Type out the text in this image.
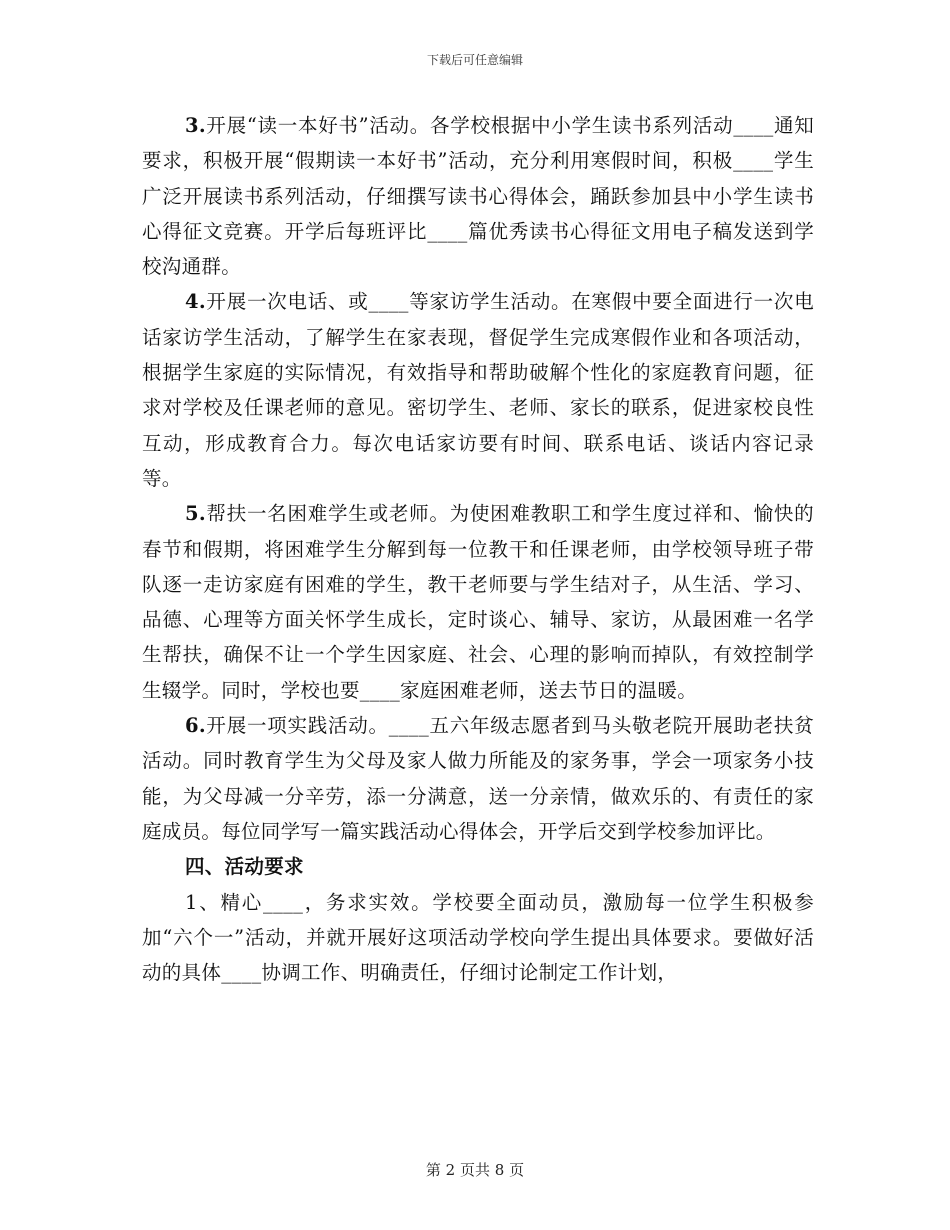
下载后可任意编辑

3.开展“读一本好书”活动。各学校根据中小学生读书系列活动____通知要求，积极开展“假期读一本好书”活动，充分利用寒假时间，积极____学生广泛开展读书系列活动，仔细撰写读书心得体会，踊跃参加县中小学生读书心得征文竞赛。开学后每班评比____篇优秀读书心得征文用电子稿发送到学校沟通群。

4.开展一次电话、或____等家访学生活动。在寒假中要全面进行一次电话家访学生活动，了解学生在家表现，督促学生完成寒假作业和各项活动，根据学生家庭的实际情况，有效指导和帮助破解个性化的家庭教育问题，征求对学校及任课老师的意见。密切学生、老师、家长的联系，促进家校良性互动，形成教育合力。每次电话家访要有时间、联系电话、谈话内容记录等。

5.帮扶一名困难学生或老师。为使困难教职工和学生度过祥和、愉快的春节和假期，将困难学生分解到每一位教干和任课老师，由学校领导班子带队逐一走访家庭有困难的学生，教干老师要与学生结对子，从生活、学习、品德、心理等方面关怀学生成长，定时谈心、辅导、家访，从最困难一名学生帮扶，确保不让一个学生因家庭、社会、心理的影响而掉队，有效控制学生辍学。同时，学校也要____家庭困难老师，送去节日的温暖。

6.开展一项实践活动。____五六年级志愿者到马头敬老院开展助老扶贫活动。同时教育学生为父母及家人做力所能及的家务事，学会一项家务小技能，为父母减一分辛劳，添一分满意，送一分亲情，做欢乐的、有责任的家庭成员。每位同学写一篇实践活动心得体会，开学后交到学校参加评比。

四、活动要求

1、精心____，务求实效。学校要全面动员，激励每一位学生积极参加“六个一”活动，并就开展好这项活动学校向学生提出具体要求。要做好活动的具体____协调工作、明确责任，仔细讨论制定工作计划，

第 2 页共 8 页
